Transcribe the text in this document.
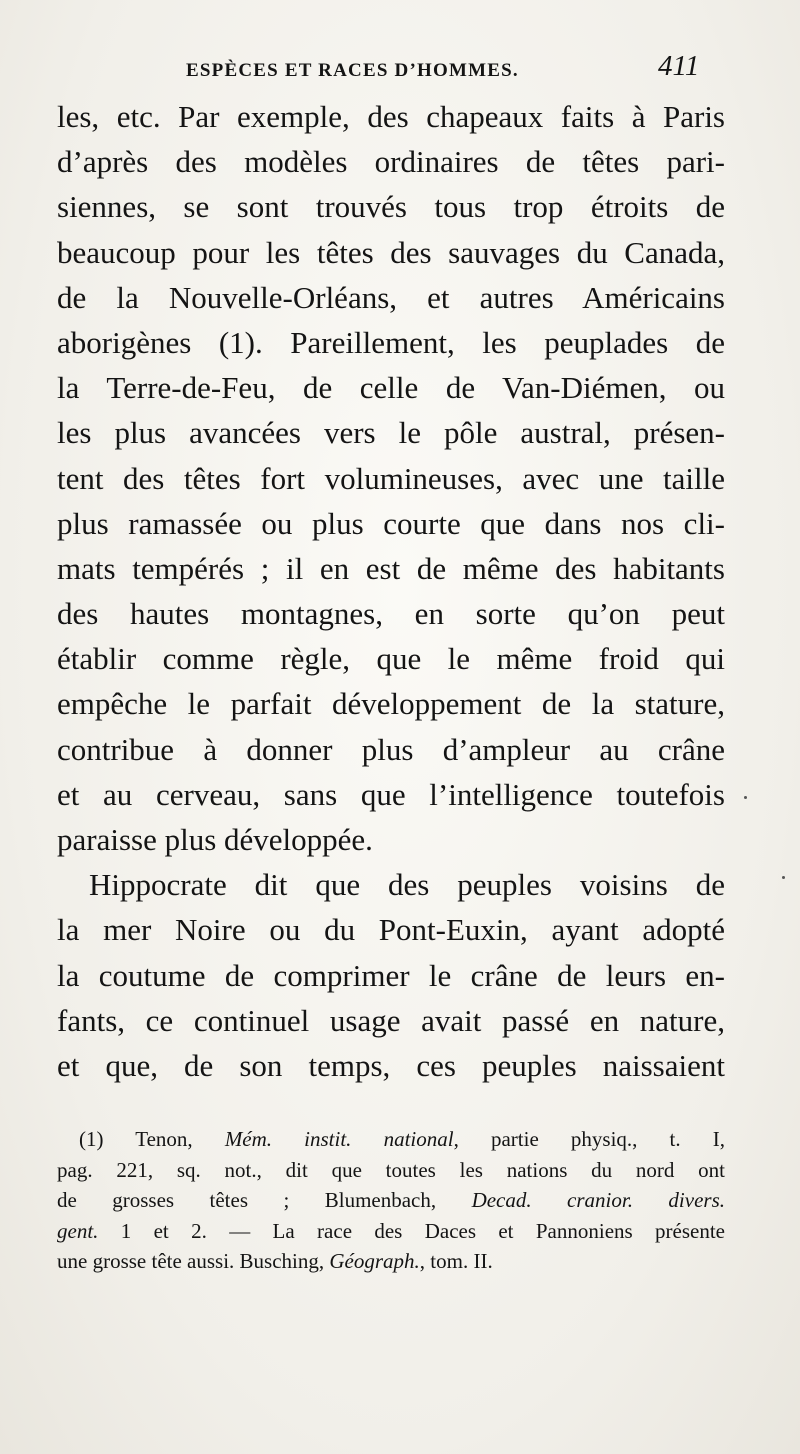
ESPÈCES ET RACES D’HOMMES.	411
les, etc. Par exemple, des chapeaux faits à Paris
d’après des modèles ordinaires de têtes pari-
siennes, se sont trouvés tous trop étroits de
beaucoup pour les têtes des sauvages du Canada,
de la Nouvelle-Orléans, et autres Américains
aborigènes (1). Pareillement, les peuplades de
la Terre-de-Feu, de celle de Van-Diémen, ou
les plus avancées vers le pôle austral, présen-
tent des têtes fort volumineuses, avec une taille
plus ramassée ou plus courte que dans nos cli-
mats tempérés ; il en est de même des habitants
des hautes montagnes, en sorte qu’on peut
établir comme règle, que le même froid qui
empêche le parfait développement de la stature,
contribue à donner plus d’ampleur au crâne
et au cerveau, sans que l’intelligence toutefois
paraisse plus développée.
Hippocrate dit que des peuples voisins de
la mer Noire ou du Pont-Euxin, ayant adopté
la coutume de comprimer le crâne de leurs en-
fants, ce continuel usage avait passé en nature,
et que, de son temps, ces peuples naissaient
(1) Tenon, Mém. instit. national, partie physiq., t. I,
pag. 221, sq. not., dit que toutes les nations du nord ont
de grosses têtes ; Blumenbach, Decad. cranior. divers.
gent. 1 et 2. — La race des Daces et Pannoniens présente
une grosse tête aussi. Busching, Géograph., tom. II.
